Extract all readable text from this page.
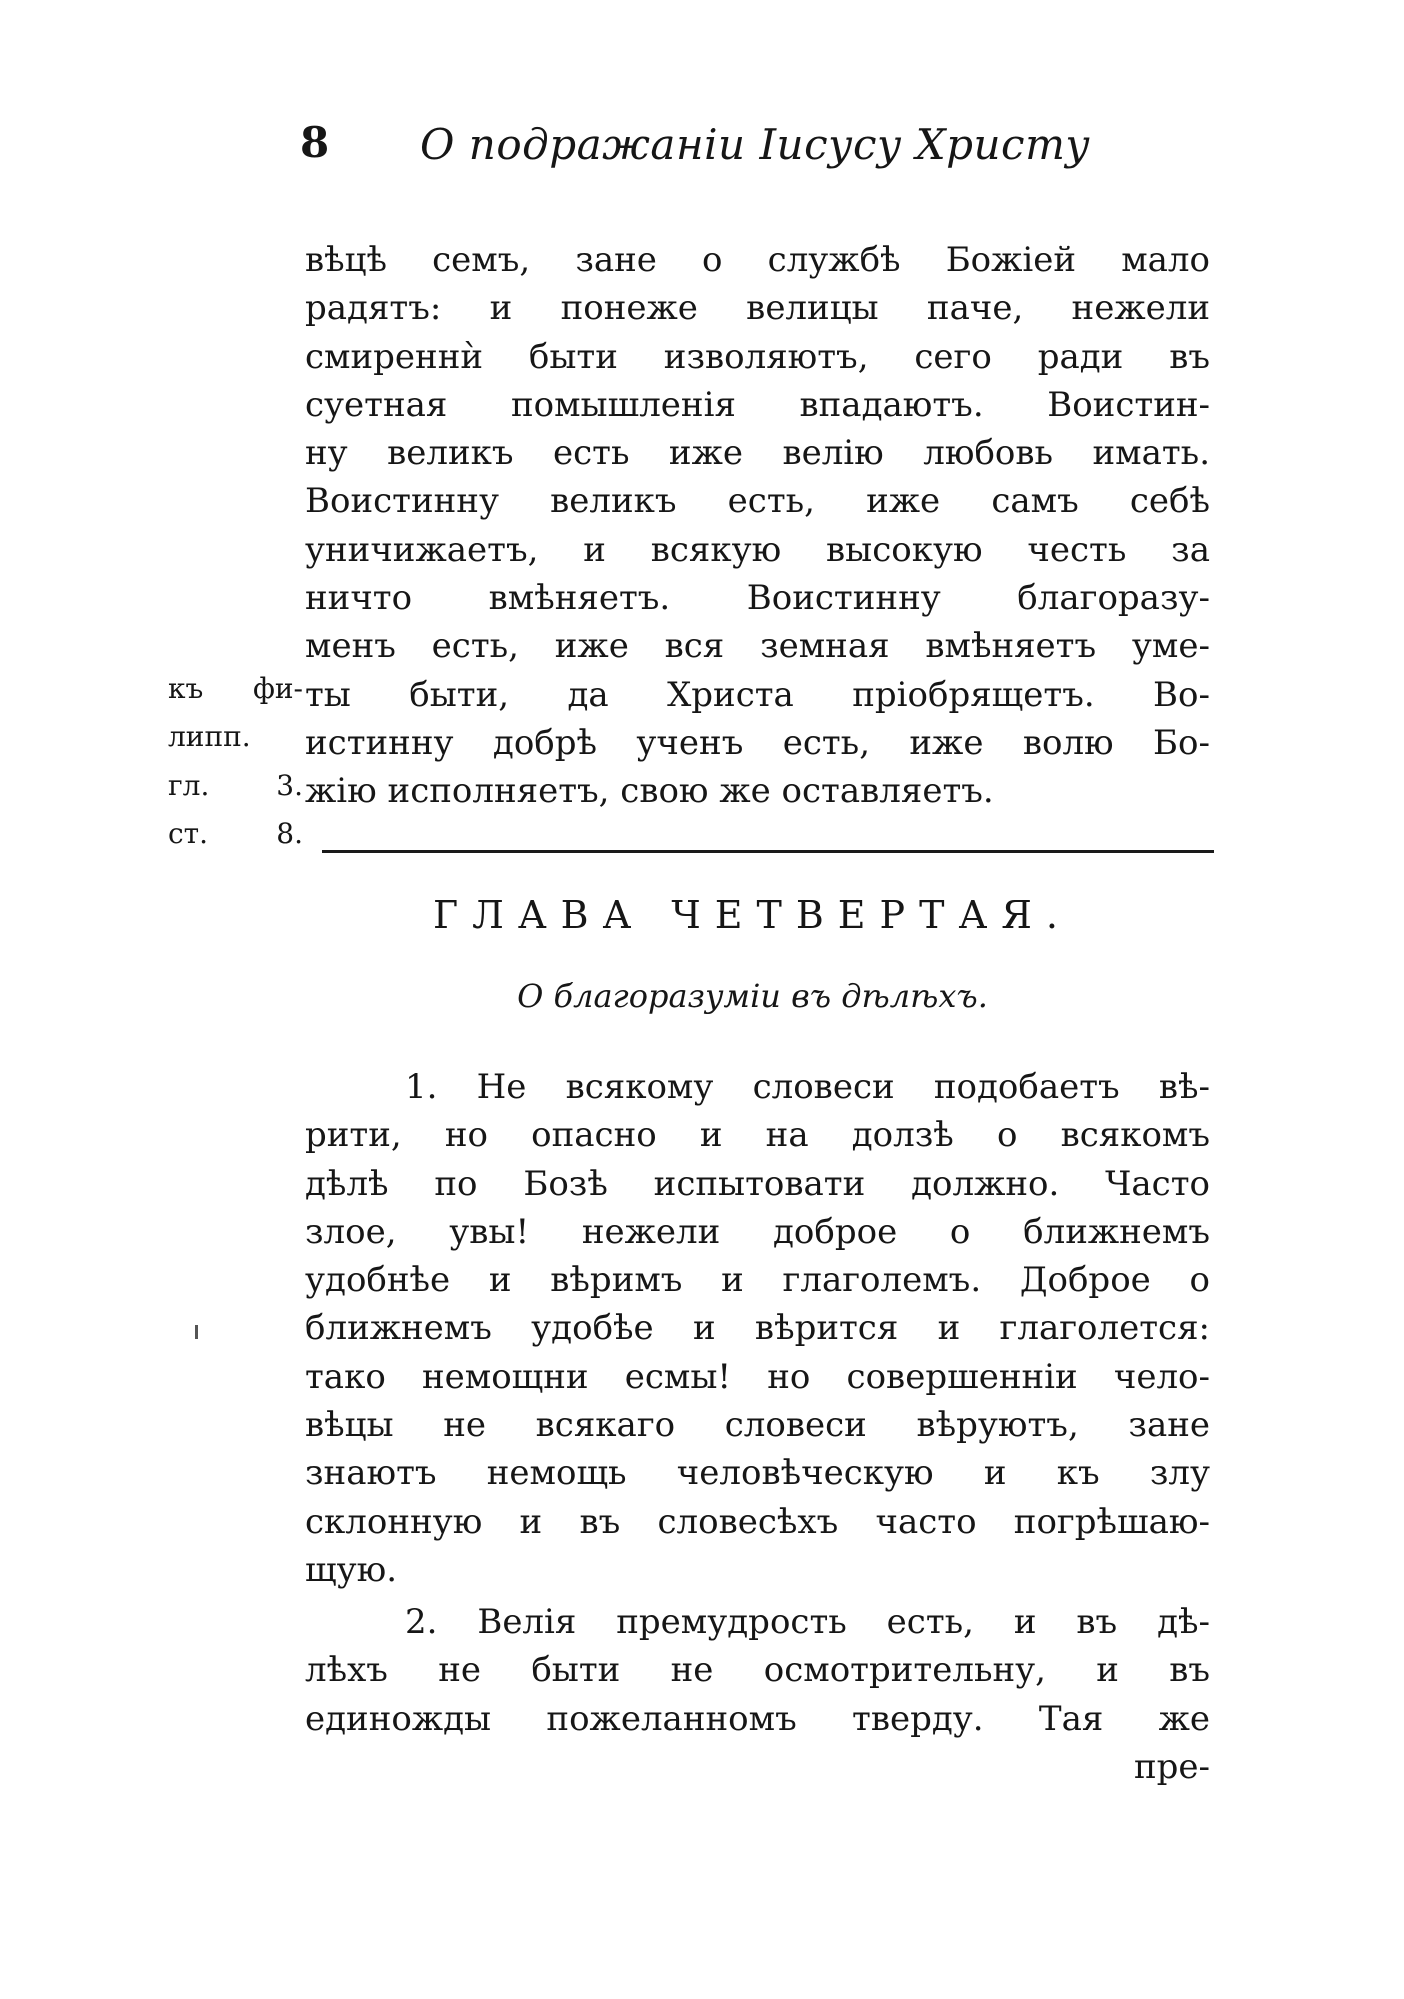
8 О подражаніи Іисусу Христу
вѣцѣ семъ, зане о службѣ Божіей мало
радятъ: и понеже велицы паче, нежели
смиреннѝ быти изволяютъ, сего ради въ
суетная помышленія впадаютъ. Воистин-
ну великъ есть иже велію любовь имать.
Воистинну великъ есть, иже самъ себѣ
уничижаетъ, и всякую высокую честь за
ничто вмѣняетъ. Воистинну благоразу-
менъ есть, иже вся земная вмѣняетъ уме-
ты быти, да Христа пріобрящетъ. Во-
истинну добрѣ ученъ есть, иже волю Бо-
жію исполняетъ, свою же оставляетъ.
къ фи-
липп.
гл. 3.
ст. 8.
ГЛАВА ЧЕТВЕРТАЯ.
О благоразуміи въ дѣлѣхъ.
1. Не всякому словеси подобаетъ вѣ-
рити, но опасно и на долзѣ о всякомъ
дѣлѣ по Бозѣ испытовати должно. Часто
злое, увы! нежели доброе о ближнемъ
удобнѣе и вѣримъ и глаголемъ. Доброе о
ближнемъ удобѣе и вѣрится и глаголется:
тако немощни есмы! но совершенніи чело-
вѣцы не всякаго словеси вѣруютъ, зане
знаютъ немощь человѣческую и къ злу
склонную и въ словесѣхъ часто погрѣшаю-
щую.
2. Велія премудрость есть, и въ дѣ-
лѣхъ не быти не осмотрительну, и въ
единожды пожеланномъ тверду. Тая же
пре-
